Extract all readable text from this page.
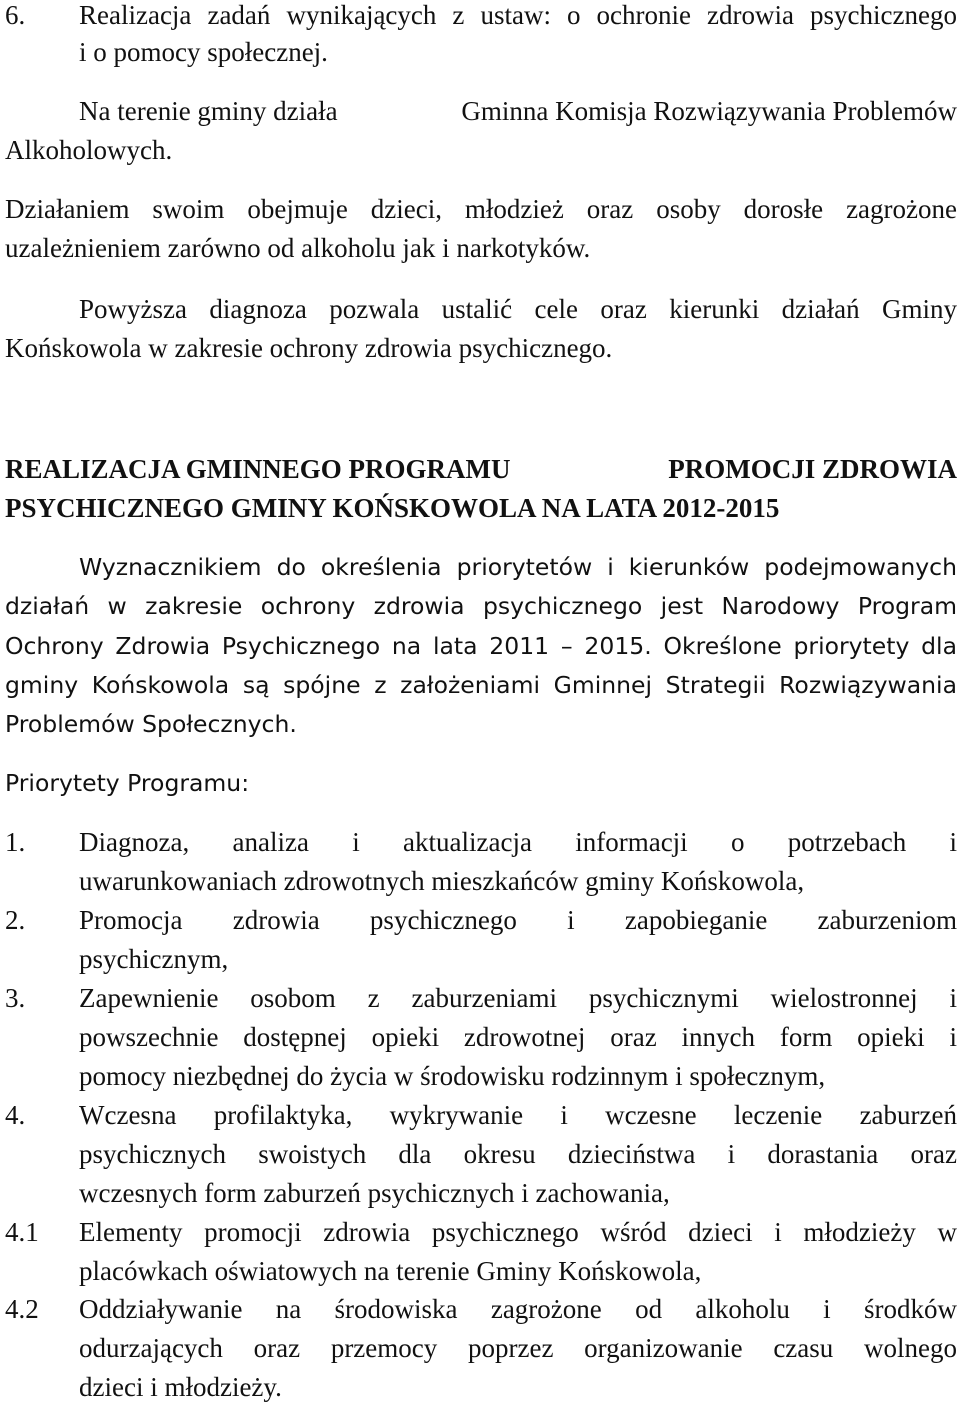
6. Realizacja zadań wynikających z ustaw: o ochronie zdrowia psychicznego
i o pomocy społecznej.
Na terenie gminy działa	Gminna Komisja Rozwiązywania Problemów
Alkoholowych.
Działaniem swoim obejmuje dzieci, młodzież oraz osoby dorosłe zagrożone
uzależnieniem zarówno od alkoholu jak i narkotyków.
Powyższa diagnoza pozwala ustalić cele oraz kierunki działań Gminy
Końskowola w zakresie ochrony zdrowia psychicznego.
REALIZACJA GMINNEGO PROGRAMU	PROMOCJI ZDROWIA
PSYCHICZNEGO GMINY KOŃSKOWOLA NA LATA 2012-2015
Wyznacznikiem do określenia priorytetów i kierunków podejmowanych
działań w zakresie ochrony zdrowia psychicznego jest Narodowy Program
Ochrony Zdrowia Psychicznego na lata 2011 – 2015. Określone priorytety dla
gminy Końskowola są spójne z założeniami Gminnej Strategii Rozwiązywania
Problemów Społecznych.
Priorytety Programu:
1. Diagnoza, analiza i aktualizacja informacji o potrzebach i
uwarunkowaniach zdrowotnych mieszkańców gminy Końskowola,
2. Promocja zdrowia psychicznego i zapobieganie zaburzeniom
psychicznym,
3. Zapewnienie osobom z zaburzeniami psychicznymi wielostronnej i
powszechnie dostępnej opieki zdrowotnej oraz innych form opieki i
pomocy niezbędnej do życia w środowisku rodzinnym i społecznym,
4. Wczesna profilaktyka, wykrywanie i wczesne leczenie zaburzeń
psychicznych swoistych dla okresu dzieciństwa i dorastania oraz
wczesnych form zaburzeń psychicznych i zachowania,
4.1 Elementy promocji zdrowia psychicznego wśród dzieci i młodzieży w
placówkach oświatowych na terenie Gminy Końskowola,
4.2 Oddziaływanie na środowiska zagrożone od alkoholu i środków
odurzających oraz przemocy poprzez organizowanie czasu wolnego
dzieci i młodzieży.
